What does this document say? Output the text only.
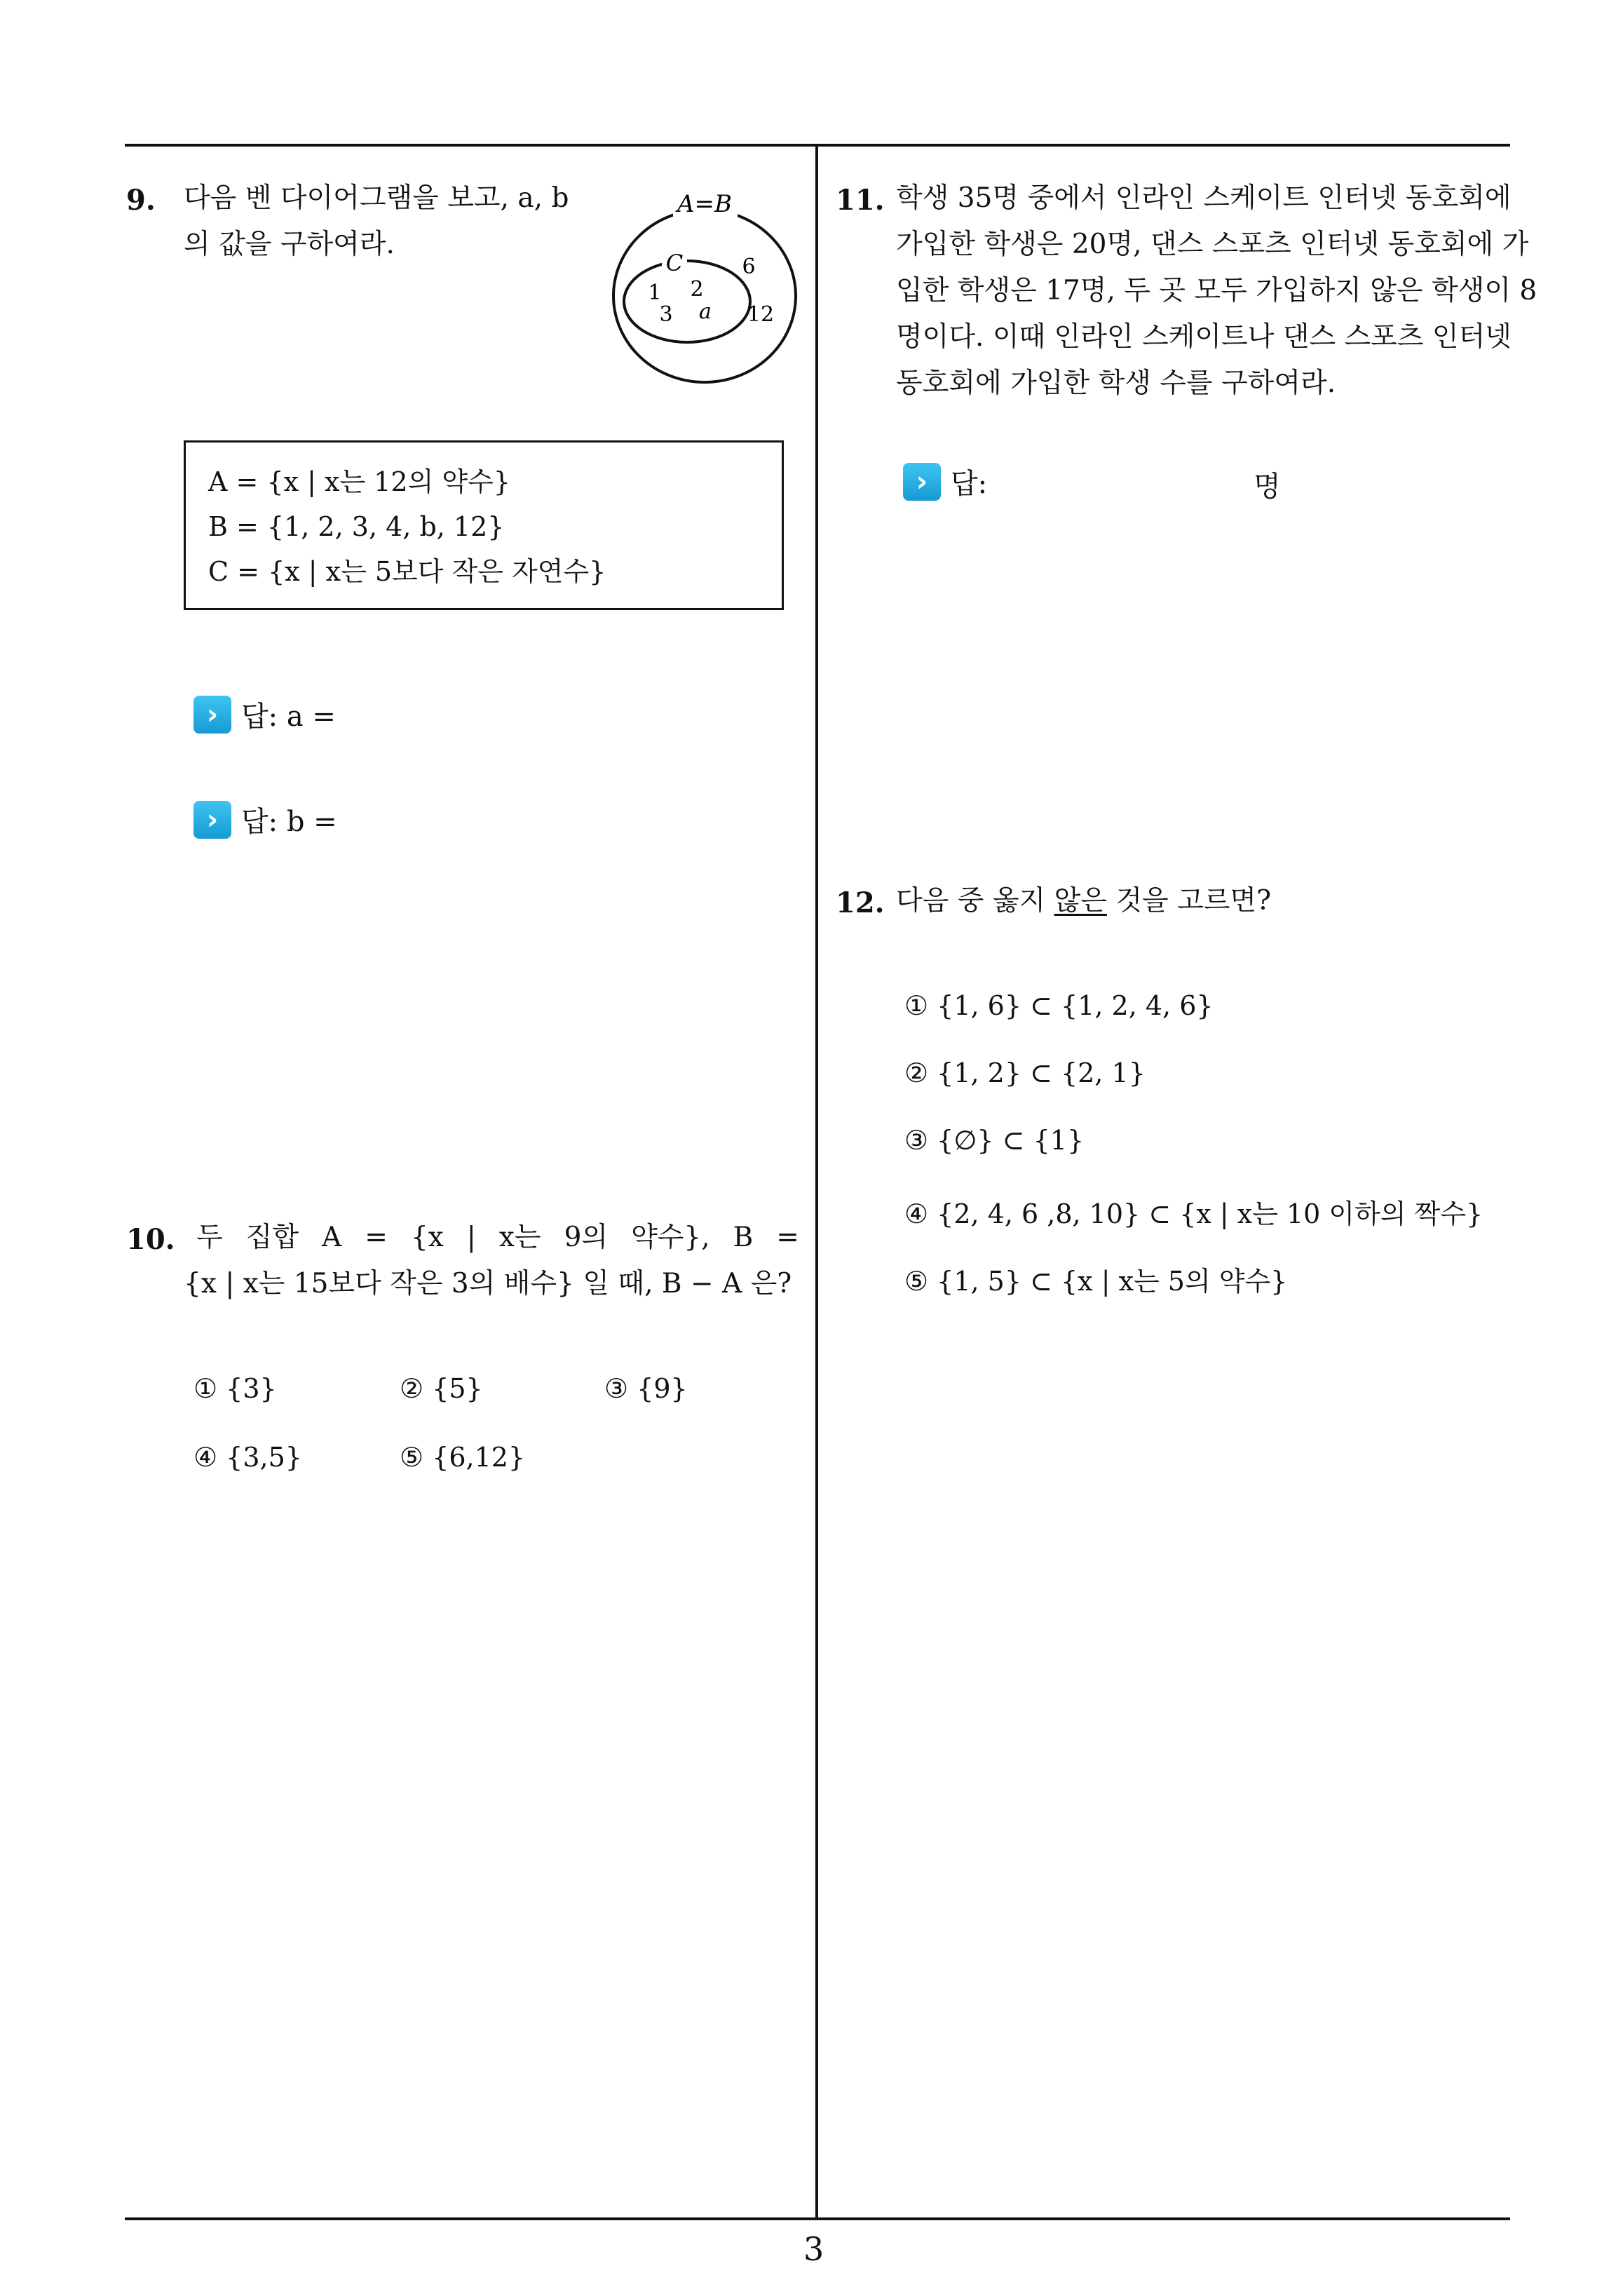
9. 다음 벤 다이어그램을 보고, a, b
의 값을 구하여라.
A=B
C
1 2
3 a
6
12
A = {x | x는 12의 약수}
B = {1, 2, 3, 4, b, 12}
C = {x | x는 5보다 작은 자연수}
› 답: a =
› 답: b =
10. 두 집합 A = {x | x는 9의 약수}, B =
{x | x는 15보다 작은 3의 배수} 일 때, B − A 은?
① {3}	② {5}	③ {9}
④ {3,5}	⑤ {6,12}
11. 학생 35명 중에서 인라인 스케이트 인터넷 동호회에
가입한 학생은 20명, 댄스 스포츠 인터넷 동호회에 가
입한 학생은 17명, 두 곳 모두 가입하지 않은 학생이 8
명이다. 이때 인라인 스케이트나 댄스 스포츠 인터넷
동호회에 가입한 학생 수를 구하여라.
› 답:	명
12. 다음 중 옳지 않은 것을 고르면?
① {1, 6} ⊂ {1, 2, 4, 6}
② {1, 2} ⊂ {2, 1}
③ {∅} ⊂ {1}
④ {2, 4, 6 ,8, 10} ⊂ {x | x는 10 이하의 짝수}
⑤ {1, 5} ⊂ {x | x는 5의 약수}
3
